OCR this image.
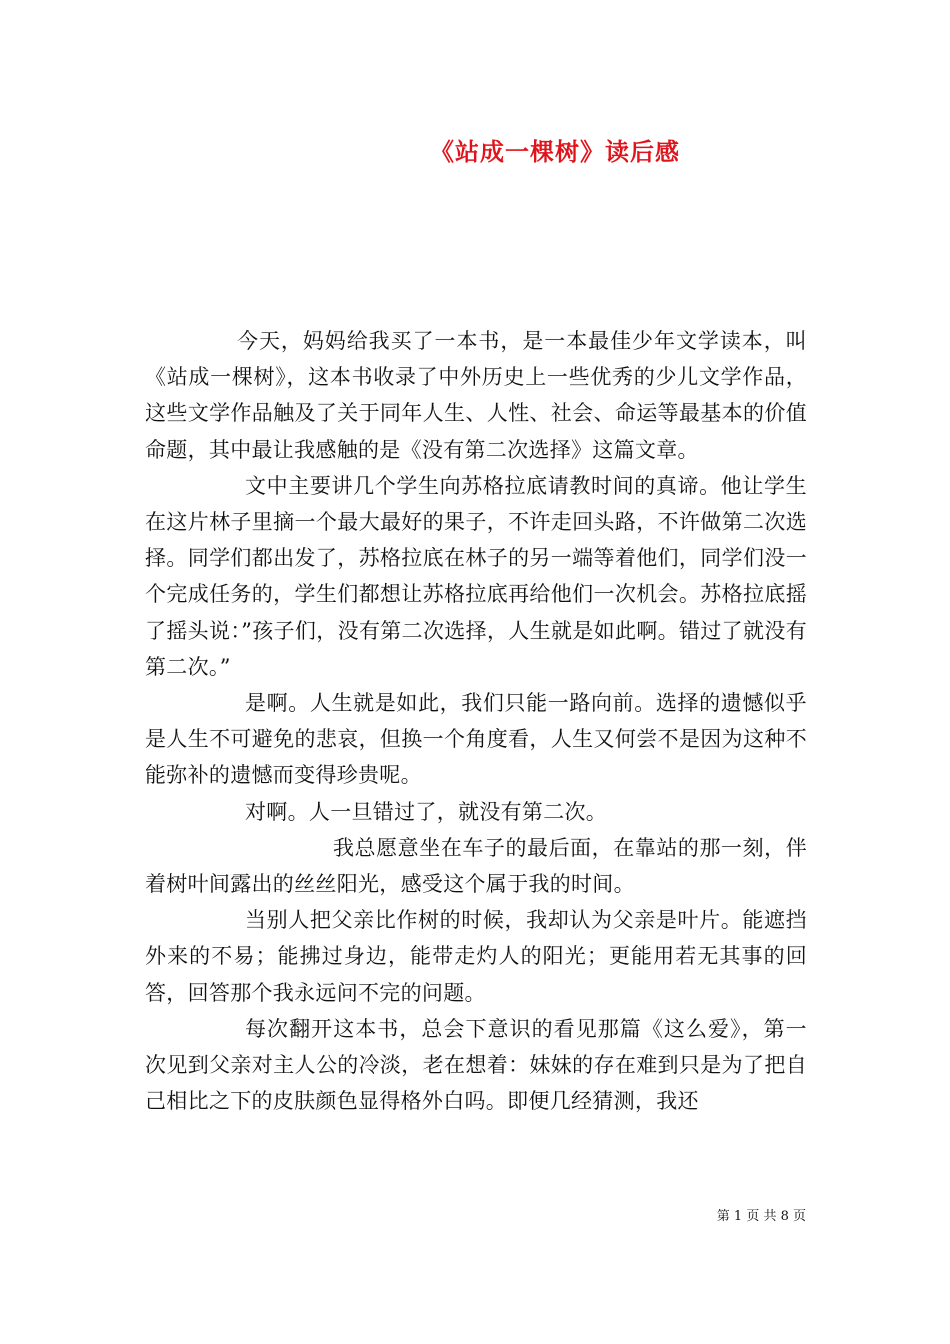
《站成一棵树》读后感

今天，妈妈给我买了一本书，是一本最佳少年文学读本，叫《站成一棵树》，这本书收录了中外历史上一些优秀的少儿文学作品，这些文学作品触及了关于同年人生、人性、社会、命运等最基本的价值命题，其中最让我感触的是《没有第二次选择》这篇文章。

文中主要讲几个学生向苏格拉底请教时间的真谛。他让学生在这片林子里摘一个最大最好的果子，不许走回头路，不许做第二次选择。同学们都出发了，苏格拉底在林子的另一端等着他们，同学们没一个完成任务的，学生们都想让苏格拉底再给他们一次机会。苏格拉底摇了摇头说：”孩子们，没有第二次选择，人生就是如此啊。错过了就没有第二次。”

是啊。人生就是如此，我们只能一路向前。选择的遗憾似乎是人生不可避免的悲哀，但换一个角度看，人生又何尝不是因为这种不能弥补的遗憾而变得珍贵呢。

对啊。人一旦错过了，就没有第二次。

我总愿意坐在车子的最后面，在靠站的那一刻，伴着树叶间露出的丝丝阳光，感受这个属于我的时间。

当别人把父亲比作树的时候，我却认为父亲是叶片。能遮挡外来的不易；能拂过身边，能带走灼人的阳光；更能用若无其事的回答，回答那个我永远问不完的问题。

每次翻开这本书，总会下意识的看见那篇《这么爱》，第一次见到父亲对主人公的冷淡，老在想着：妹妹的存在难到只是为了把自己相比之下的皮肤颜色显得格外白吗。即便几经猜测，我还

第 1 页 共 8 页
